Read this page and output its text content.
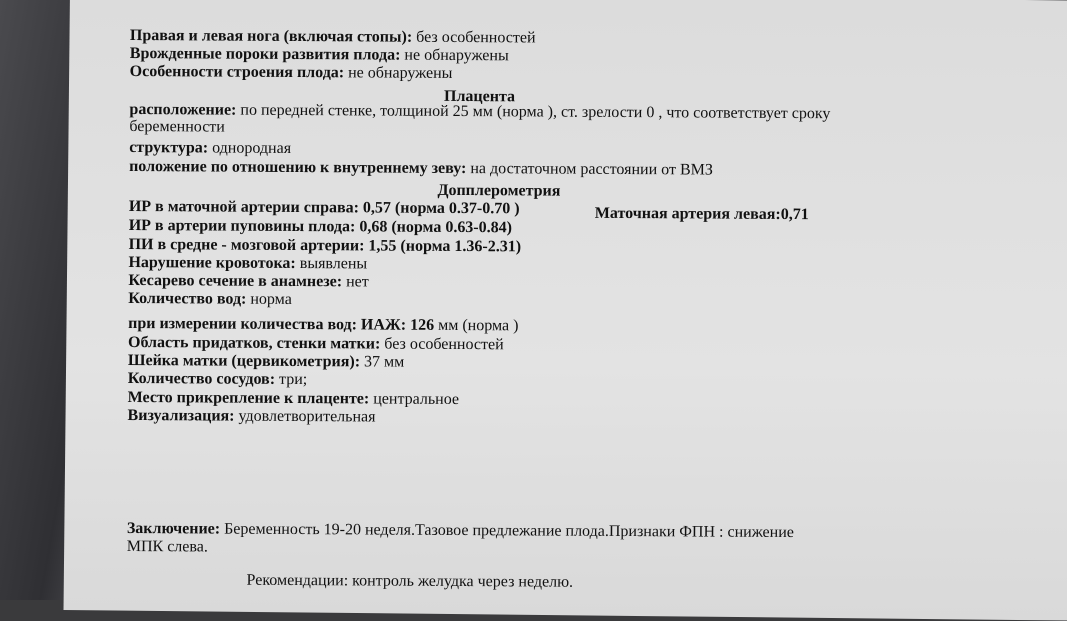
Правая и левая нога (включая стопы): без особенностей
Врожденные пороки развития плода: не обнаружены
Особенности строения плода: не обнаружены
Плацента
расположение: по передней стенке, толщиной 25 мм (норма ), ст. зрелости 0 , что соответствует сроку
беременности
структура: однородная
положение по отношению к внутреннему зеву: на достаточном расстоянии от ВМЗ
Допплерометрия
ИР в маточной артерии справа: 0,57 (норма 0.37-0.70 )	Маточная артерия левая:0,71
ИР в артерии пуповины плода: 0,68 (норма 0.63-0.84)
ПИ в средне - мозговой артерии: 1,55 (норма 1.36-2.31)
Нарушение кровотока: выявлены
Кесарево сечение в анамнезе: нет
Количество вод: норма
при измерении количества вод: ИАЖ: 126 мм (норма )
Область придатков, стенки матки: без особенностей
Шейка матки (цервикометрия): 37 мм
Количество сосудов: три;
Место прикрепление к плаценте: центральное
Визуализация: удовлетворительная
Заключение: Беременность 19-20 неделя.Тазовое предлежание плода.Признаки ФПН : снижение
МПК слева.
Рекомендации: контроль желудка через неделю.
